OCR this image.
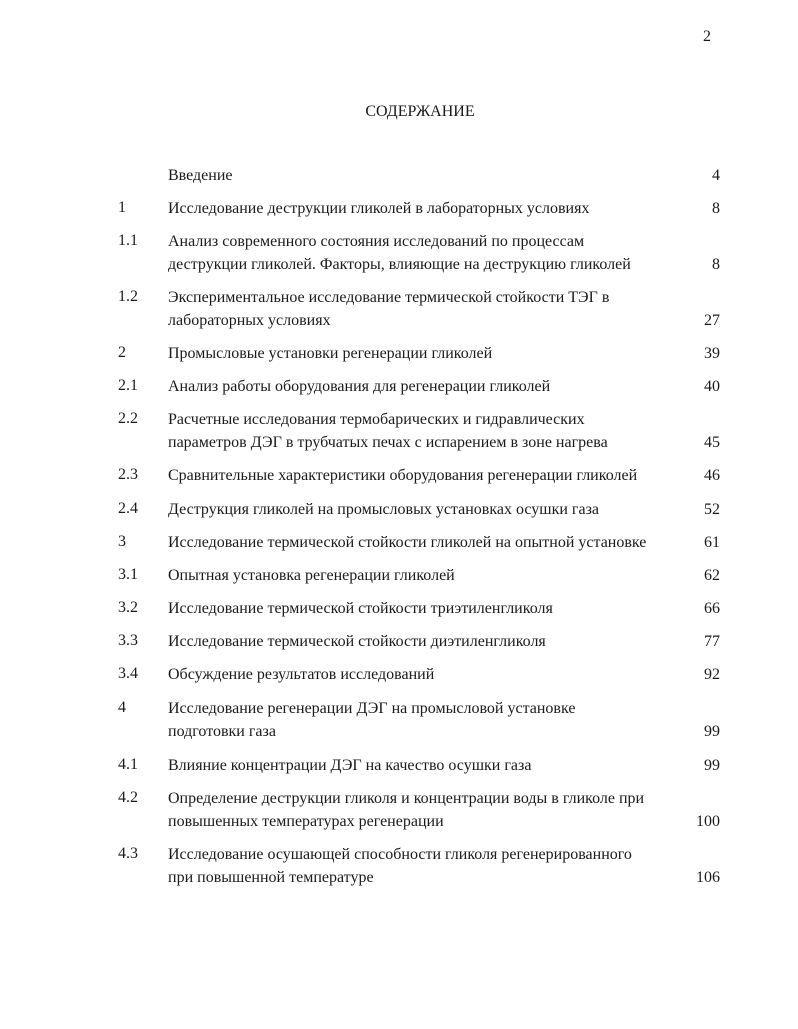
2
СОДЕРЖАНИЕ
Введение	4
1	Исследование деструкции гликолей в лабораторных условиях	8
1.1 Анализ современного состояния исследований по процессам
деструкции гликолей. Факторы, влияющие на деструкцию гликолей	8
1.2 Экспериментальное исследование термической стойкости ТЭГ в
лабораторных условиях	27
2	Промысловые установки регенерации гликолей	39
2.1 Анализ работы оборудования для регенерации гликолей	40
2.2 Расчетные исследования термобарических и гидравлических
параметров ДЭГ в трубчатых печах с испарением в зоне нагрева	45
2.3 Сравнительные характеристики оборудования регенерации гликолей	46
2.4 Деструкция гликолей на промысловых установках осушки газа	52
3	Исследование термической стойкости гликолей на опытной установке	61
3.1 Опытная установка регенерации гликолей	62
3.2 Исследование термической стойкости триэтиленгликоля	66
3.3 Исследование термической стойкости диэтиленгликоля	77
3.4 Обсуждение результатов исследований	92
4	Исследование регенерации ДЭГ на промысловой установке
подготовки газа	99
4.1 Влияние концентрации ДЭГ на качество осушки газа	99
4.2 Определение деструкции гликоля и концентрации воды в гликоле при
повышенных температурах регенерации	100
4.3 Исследование осушающей способности гликоля регенерированного
при повышенной температуре	106
